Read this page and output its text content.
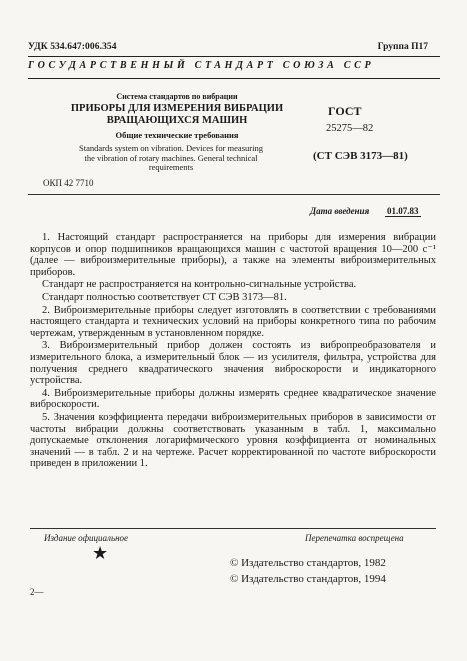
УДК 534.647:006.354	Группа П17
ГОСУДАРСТВЕННЫЙ СТАНДАРТ СОЮЗА ССР
Система стандартов по вибрации
ПРИБОРЫ ДЛЯ ИЗМЕРЕНИЯ ВИБРАЦИИ
ВРАЩАЮЩИХСЯ МАШИН
Общие технические требования
Standards system on vibration. Devices for measuring
the vibration of rotary machines. General technical
requirements
ГОСТ
25275—82
(СТ СЭВ 3173—81)
ОКП 42 7710
Дата введения 01.07.83

1. Настоящий стандарт распространяется на приборы для измерения вибрации корпусов и опор подшипников вращающихся машин с частотой вращения 10—200 с⁻¹ (далее — виброизмерительные приборы), а также на элементы виброизмерительных приборов.

Стандарт не распространяется на контрольно-сигнальные устройства.

Стандарт полностью соответствует СТ СЭВ 3173—81.

2. Виброизмерительные приборы следует изготовлять в соответствии с требованиями настоящего стандарта и технических условий на приборы конкретного типа по рабочим чертежам, утвержденным в установленном порядке.

3. Виброизмерительный прибор должен состоять из вибропреобразователя и измерительного блока, а измерительный блок — из усилителя, фильтра, устройства для получения среднего квадратического значения виброскорости и индикаторного устройства.

4. Виброизмерительные приборы должны измерять среднее квадратическое значение виброскорости.

5. Значения коэффициента передачи виброизмерительных приборов в зависимости от частоты вибрации должны соответствовать указанным в табл. 1, максимально допускаемые отклонения логарифмического уровня коэффициента от номинальных значений — в табл. 2 и на чертеже. Расчет корректированной по частоте виброскорости приведен в приложении 1.

Издание официальное	Перепечатка воспрещена
★	© Издательство стандартов, 1982
© Издательство стандартов, 1994
2—
